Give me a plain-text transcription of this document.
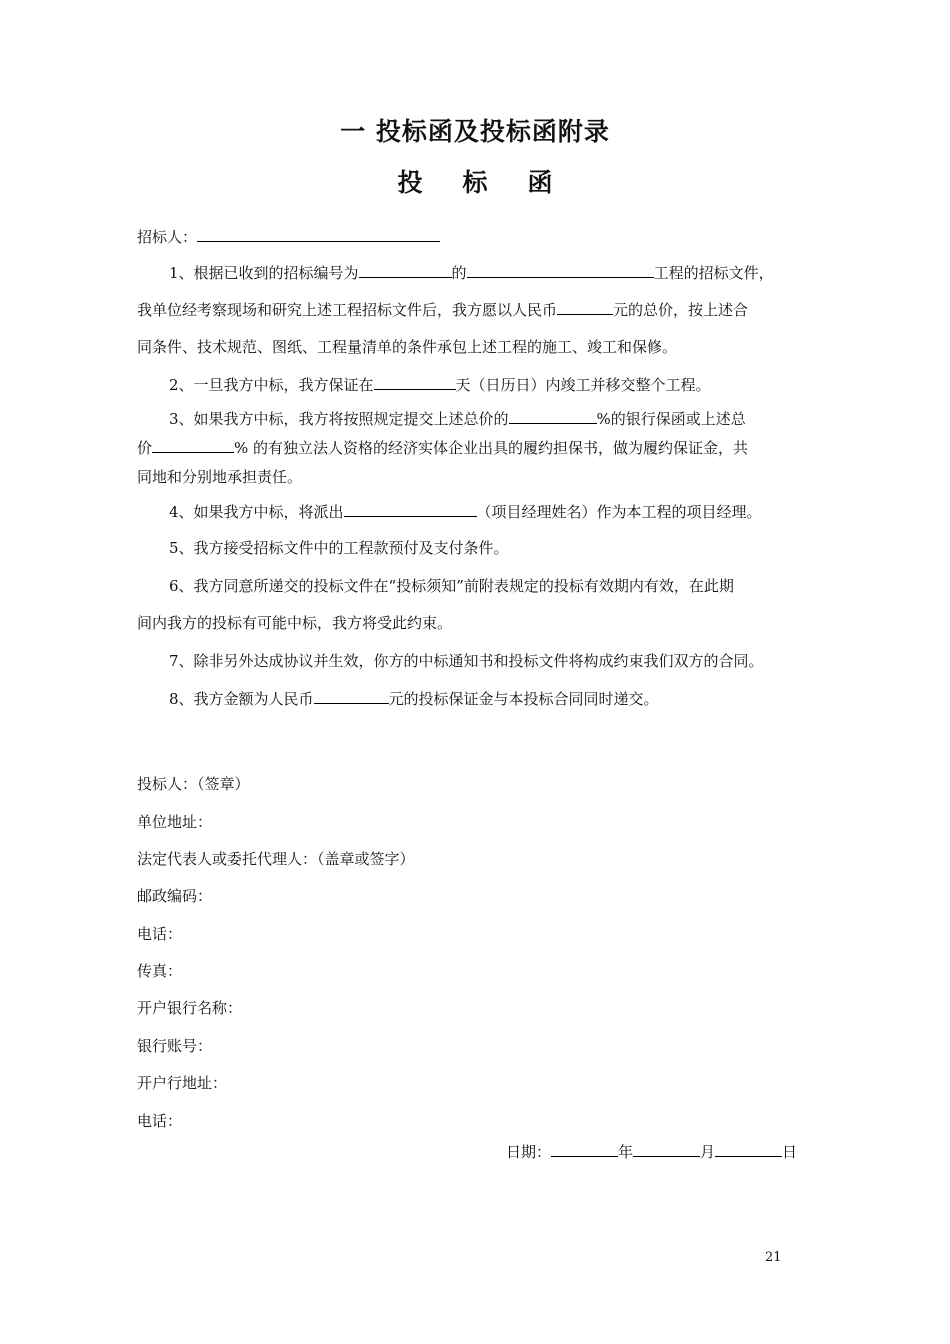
一 投标函及投标函附录
投 标 函
招标人：
1、根据已收到的招标编号为	的	工程的招标文件，
我单位经考察现场和研究上述工程招标文件后，我方愿以人民币	元的总价，按上述合
同条件、技术规范、图纸、工程量清单的条件承包上述工程的施工、竣工和保修。
2、一旦我方中标，我方保证在	天（日历日）内竣工并移交整个工程。
3、如果我方中标，我方将按照规定提交上述总价的	%的银行保函或上述总
价	% 的有独立法人资格的经济实体企业出具的履约担保书，做为履约保证金，共
同地和分别地承担责任。
4、如果我方中标，将派出	（项目经理姓名）作为本工程的项目经理。
5、我方接受招标文件中的工程款预付及支付条件。
6、我方同意所递交的投标文件在“投标须知”前附表规定的投标有效期内有效，在此期
间内我方的投标有可能中标，我方将受此约束。
7、除非另外达成协议并生效，你方的中标通知书和投标文件将构成约束我们双方的合同。
8、我方金额为人民币	元的投标保证金与本投标合同同时递交。
投标人：（签章）
单位地址：
法定代表人或委托代理人：（盖章或签字）
邮政编码：
电话：
传真：
开户银行名称：
银行账号：
开户行地址：
电话：
日期：	年	月	日
21
